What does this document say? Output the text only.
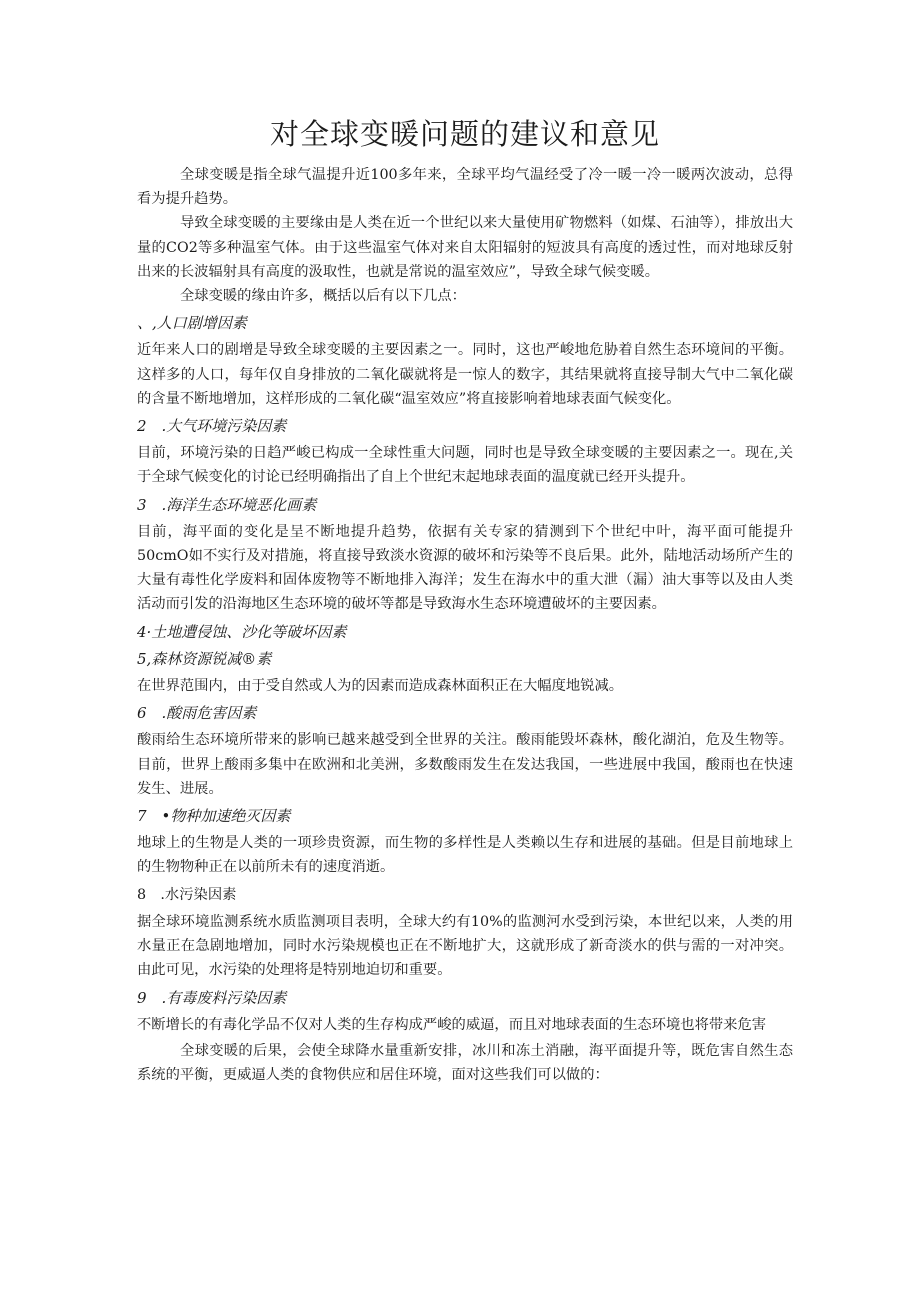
对全球变暖问题的建议和意见

全球变暖是指全球气温提升近100多年来，全球平均气温经受了冷一暖一冷一暖两次波动，总得看为提升趋势。

导致全球变暖的主要缘由是人类在近一个世纪以来大量使用矿物燃料（如煤、石油等），排放出大量的CO2等多种温室气体。由于这些温室气体对来自太阳辐射的短波具有高度的透过性，而对地球反射出来的长波辐射具有高度的汲取性，也就是常说的温室效应”，导致全球气候变暖。

全球变暖的缘由许多，概括以后有以下几点：

、,人口剧增因素

近年来人口的剧增是导致全球变暖的主要因素之一。同时，这也严峻地危胁着自然生态环境间的平衡。这样多的人口，每年仅自身排放的二氧化碳就将是一惊人的数字，其结果就将直接导制大气中二氧化碳的含量不断地增加，这样形成的二氧化碳“温室效应”将直接影响着地球表面气候变化。

2　.大气环境污染因素

目前，环境污染的日趋严峻已构成一全球性重大问题，同时也是导致全球变暖的主要因素之一。现在,关于全球气候变化的讨论已经明确指出了自上个世纪末起地球表面的温度就已经开头提升。

3　.海洋生态环境恶化画素

目前，海平面的变化是呈不断地提升趋势，依据有关专家的猜测到下个世纪中叶，海平面可能提升50cmO如不实行及对措施，将直接导致淡水资源的破坏和污染等不良后果。此外，陆地活动场所产生的大量有毒性化学废料和固体废物等不断地排入海洋；发生在海水中的重大泄（漏）油大事等以及由人类活动而引发的沿海地区生态环境的破坏等都是导致海水生态环境遭破坏的主要因素。

4·土地遭侵蚀、沙化等破坏因素

5,森林资源锐减®素

在世界范围内，由于受自然或人为的因素而造成森林面积正在大幅度地锐减。

6　.酸雨危害因素

酸雨给生态环境所带来的影响已越来越受到全世界的关注。酸雨能毁坏森林，酸化湖泊，危及生物等。目前，世界上酸雨多集中在欧洲和北美洲，多数酸雨发生在发达我国，一些进展中我国，酸雨也在快速发生、进展。

7　•物种加速绝灭因素

地球上的生物是人类的一项珍贵资源，而生物的多样性是人类赖以生存和进展的基础。但是目前地球上的生物物种正在以前所未有的速度消逝。

8　.水污染因素

据全球环境监测系统水质监测项目表明，全球大约有10%的监测河水受到污染，本世纪以来，人类的用水量正在急剧地增加，同时水污染规模也正在不断地扩大，这就形成了新奇淡水的供与需的一对冲突。由此可见，水污染的处理将是特别地迫切和重要。

9　.有毒废料污染因素

不断增长的有毒化学品不仅对人类的生存构成严峻的威逼，而且对地球表面的生态环境也将带来危害

全球变暖的后果，会使全球降水量重新安排，冰川和冻土消融，海平面提升等，既危害自然生态系统的平衡，更威逼人类的食物供应和居住环境，面对这些我们可以做的：
